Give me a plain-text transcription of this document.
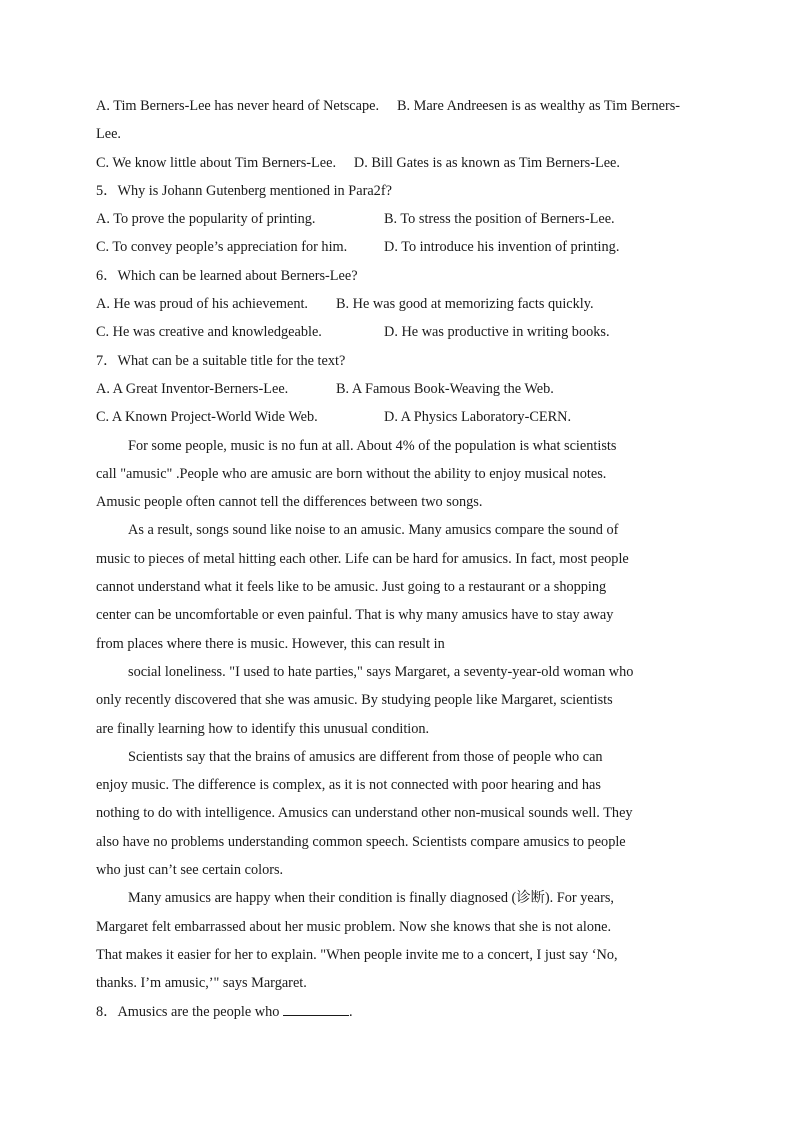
A. Tim Berners-Lee has never heard of Netscape. B. Mare Andreesen is as wealthy as Tim Berners-Lee.
C. We know little about Tim Berners-Lee. D. Bill Gates is as known as Tim Berners-Lee.
5．Why is Johann Gutenberg mentioned in Para2f?
A. To prove the popularity of printing.	B. To stress the position of Berners-Lee.
C. To convey people’s appreciation for him.	D. To introduce his invention of printing.
6．Which can be learned about Berners-Lee?
A. He was proud of his achievement.	B. He was good at memorizing facts quickly.
C. He was creative and knowledgeable.	D. He was productive in writing books.
7．What can be a suitable title for the text?
A. A Great Inventor-Berners-Lee.	B. A Famous Book-Weaving the Web.
C. A Known Project-World Wide Web.	D. A Physics Laboratory-CERN.
For some people, music is no fun at all. About 4% of the population is what scientists
call "amusic" .People who are amusic are born without the ability to enjoy musical notes.
Amusic people often cannot tell the differences between two songs.
As a result, songs sound like noise to an amusic. Many amusics compare the sound of
music to pieces of metal hitting each other. Life can be hard for amusics. In fact, most people
cannot understand what it feels like to be amusic. Just going to a restaurant or a shopping
center can be uncomfortable or even painful. That is why many amusics have to stay away
from places where there is music. However, this can result in
social loneliness. "I used to hate parties," says Margaret, a seventy-year-old woman who
only recently discovered that she was amusic. By studying people like Margaret, scientists
are finally learning how to identify this unusual condition.
Scientists say that the brains of amusics are different from those of people who can
enjoy music. The difference is complex, as it is not connected with poor hearing and has
nothing to do with intelligence. Amusics can understand other non-musical sounds well. They
also have no problems understanding common speech. Scientists compare amusics to people
who just can’t see certain colors.
Many amusics are happy when their condition is finally diagnosed (诊断). For years,
Margaret felt embarrassed about her music problem. Now she knows that she is not alone.
That makes it easier for her to explain. "When people invite me to a concert, I just say ‘No,
thanks. I’m amusic,’" says Margaret.
8．Amusics are the people who	.
